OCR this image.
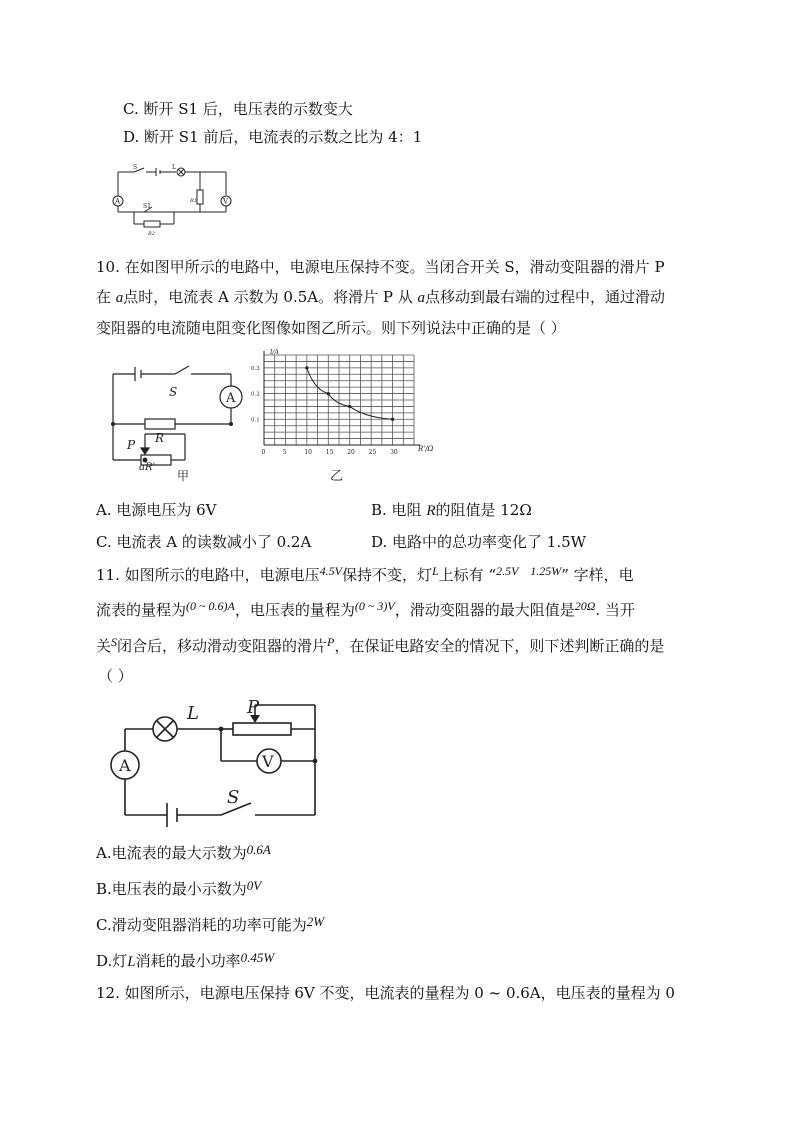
C. 断开 S1 后，电压表的示数变大
D. 断开 S1 前后，电流表的示数之比为 4：1
S	L
S1
R1
R2
A	V
10. 在如图甲所示的电路中，电源电压保持不变。当闭合开关 S，滑动变阻器的滑片 P
在 a点时，电流表 A 示数为 0.5A。将滑片 P 从 a点移动到最右端的过程中，通过滑动
变阻器的电流随电阻变化图像如图乙所示。则下列说法中正确的是（ ）
S	A
R
P
aR'
甲
0	5	10 15 20 25 30
0.1
0.2
0.3
I/A
R'/Ω
乙
A. 电源电压为 6V	B. 电阻 R的阻值是 12Ω
C. 电流表 A 的读数减小了 0.2A	D. 电路中的总功率变化了 1.5W
11. 如图所示的电路中，电源电压$^{4.5V}$保持不变，灯$^L$上标有 “$^{2.5V 1.25W}$” 字样，电
流表的量程为$^{(0 \sim 0.6)A}$，电压表的量程为$^{(0 \sim 3)V}$，滑动变阻器的最大阻值是$^{20\Omega}$. 当开
关$^S$闭合后，移动滑动变阻器的滑片$^P$，在保证电路安全的情况下，则下述判断正确的是
（ ）
L	P
A	V
S
A.电流表的最大示数为0.6A
B.电压表的最小示数为0V
C.滑动变阻器消耗的功率可能为2W
D.灯L消耗的最小功率0.45W
12. 如图所示，电源电压保持 6V 不变，电流表的量程为 0 ~ 0.6A，电压表的量程为 0
